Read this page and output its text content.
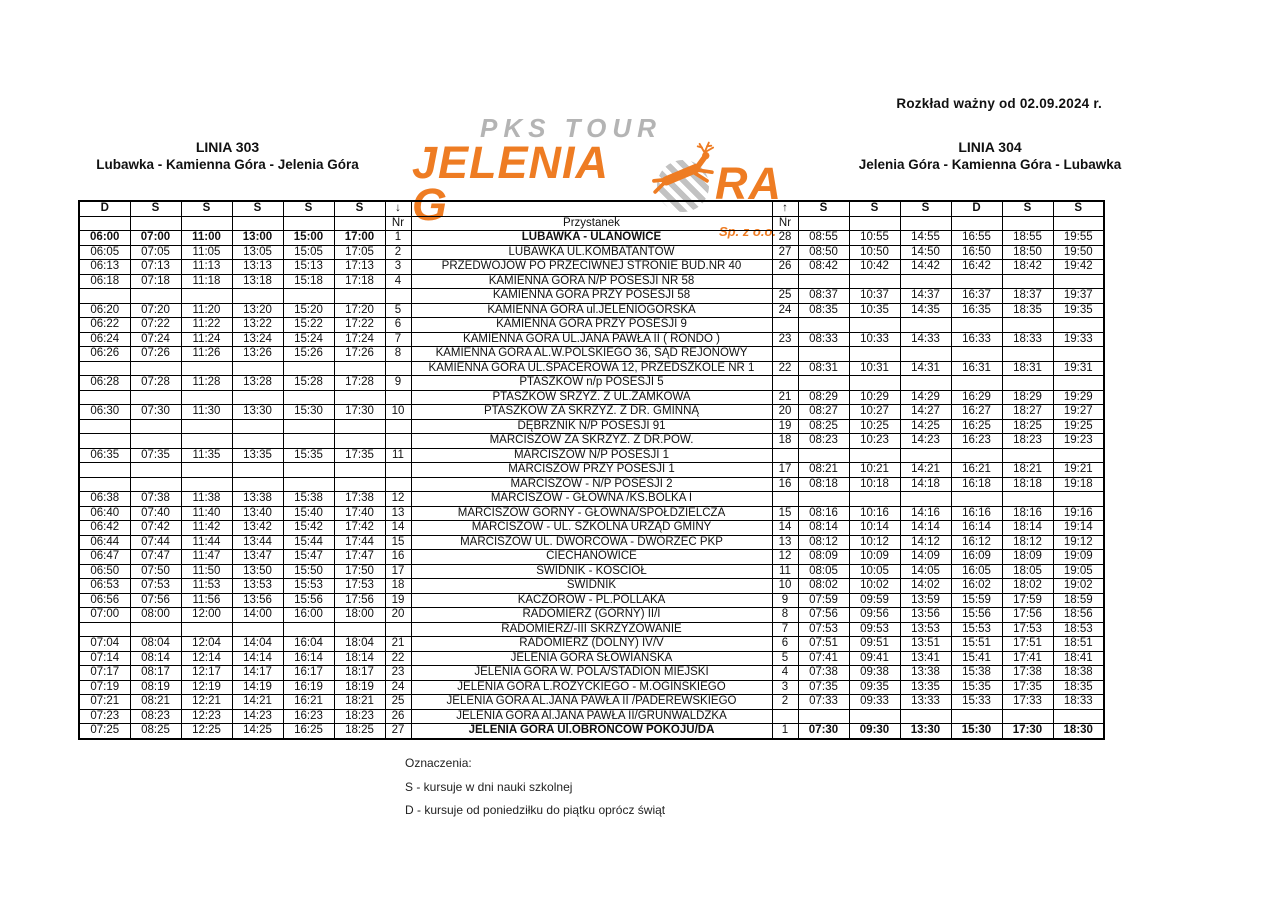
Rozkład ważny od 02.09.2024 r.
LINIA 303
Lubawka - Kamienna Góra - Jelenia Góra
PKS TOUR
JELENIA G	RA
Sp. z o.o.
LINIA 304
Jelenia Góra - Kamienna Góra - Lubawka
D	S	S	S	S	S	↓		↑	S	S	S	D	S	S
						Nr	Przystanek	Nr						
06:00	07:00	11:00	13:00	15:00	17:00	1	LUBAWKA - ULANOWICE	28	08:55	10:55	14:55	16:55	18:55	19:55
06:05	07:05	11:05	13:05	15:05	17:05	2	LUBAWKA UL.KOMBATANTÓW	27	08:50	10:50	14:50	16:50	18:50	19:50
06:13	07:13	11:13	13:13	15:13	17:13	3	PRZEDWOJÓW PO PRZECIWNEJ STRONIE BUD.NR 40	26	08:42	10:42	14:42	16:42	18:42	19:42
06:18	07:18	11:18	13:18	15:18	17:18	4	KAMIENNA GÓRA N/P POSESJI NR 58							
							KAMIENNA GÓRA PRZY POSESJI 58	25	08:37	10:37	14:37	16:37	18:37	19:37
06:20	07:20	11:20	13:20	15:20	17:20	5	KAMIENNA GÓRA ul.JELENIOGÓRSKA	24	08:35	10:35	14:35	16:35	18:35	19:35
06:22	07:22	11:22	13:22	15:22	17:22	6	KAMIENNA GÓRA PRZY POSESJI 9							
06:24	07:24	11:24	13:24	15:24	17:24	7	KAMIENNA GÓRA UL.JANA PAWŁA II ( RONDO )	23	08:33	10:33	14:33	16:33	18:33	19:33
06:26	07:26	11:26	13:26	15:26	17:26	8	KAMIENNA GÓRA AL.W.POLSKIEGO 36, SĄD REJONOWY							
							KAMIENNA GÓRA UL.SPACEROWA 12, PRZEDSZKOLE NR 1	22	08:31	10:31	14:31	16:31	18:31	19:31
06:28	07:28	11:28	13:28	15:28	17:28	9	PTASZKÓW n/p POSESJI 5							
							PTASZKÓW SRZYŻ. Z UL.ZAMKOWA	21	08:29	10:29	14:29	16:29	18:29	19:29
06:30	07:30	11:30	13:30	15:30	17:30	10	PTASZKÓW ZA SKRZYŻ. Z DR. GMINNĄ	20	08:27	10:27	14:27	16:27	18:27	19:27
							DĘBRZNIK N/P POSESJI 91	19	08:25	10:25	14:25	16:25	18:25	19:25
							MARCISZÓW ZA SKRZYŻ. Z DR.POW.	18	08:23	10:23	14:23	16:23	18:23	19:23
06:35	07:35	11:35	13:35	15:35	17:35	11	MARCISZÓW N/P POSESJI 1							
							MARCISZÓW PRZY POSESJI 1	17	08:21	10:21	14:21	16:21	18:21	19:21
							MARCISZÓW - N/P POSESJI 2	16	08:18	10:18	14:18	16:18	18:18	19:18
06:38	07:38	11:38	13:38	15:38	17:38	12	MARCISZÓW - GŁÓWNA /KS.BOLKA I							
06:40	07:40	11:40	13:40	15:40	17:40	13	MARCISZÓW GÓRNY - GŁÓWNA/SPÓŁDZIELCZA	15	08:16	10:16	14:16	16:16	18:16	19:16
06:42	07:42	11:42	13:42	15:42	17:42	14	MARCISZÓW - UL. SZKOLNA URZĄD GMINY	14	08:14	10:14	14:14	16:14	18:14	19:14
06:44	07:44	11:44	13:44	15:44	17:44	15	MARCISZÓW UL. DWORCOWA - DWORZEC PKP	13	08:12	10:12	14:12	16:12	18:12	19:12
06:47	07:47	11:47	13:47	15:47	17:47	16	CIECHANOWICE	12	08:09	10:09	14:09	16:09	18:09	19:09
06:50	07:50	11:50	13:50	15:50	17:50	17	ŚWIDNIK - KOŚCIÓŁ	11	08:05	10:05	14:05	16:05	18:05	19:05
06:53	07:53	11:53	13:53	15:53	17:53	18	ŚWIDNIK	10	08:02	10:02	14:02	16:02	18:02	19:02
06:56	07:56	11:56	13:56	15:56	17:56	19	KACZORÓW - PL.POLLAKA	9	07:59	09:59	13:59	15:59	17:59	18:59
07:00	08:00	12:00	14:00	16:00	18:00	20	RADOMIERZ (GÓRNY) II/I	8	07:56	09:56	13:56	15:56	17:56	18:56
							RADOMIERZ/-III SKRZYŻOWANIE	7	07:53	09:53	13:53	15:53	17:53	18:53
07:04	08:04	12:04	14:04	16:04	18:04	21	RADOMIERZ (DOLNY) IV/V	6	07:51	09:51	13:51	15:51	17:51	18:51
07:14	08:14	12:14	14:14	16:14	18:14	22	JELENIA GÓRA SŁOWIAŃSKA	5	07:41	09:41	13:41	15:41	17:41	18:41
07:17	08:17	12:17	14:17	16:17	18:17	23	JELENIA GÓRA W. POLA/STADION MIEJSKI	4	07:38	09:38	13:38	15:38	17:38	18:38
07:19	08:19	12:19	14:19	16:19	18:19	24	JELENIA GÓRA L.RÓŻYCKIEGO - M.OGIŃSKIEGO	3	07:35	09:35	13:35	15:35	17:35	18:35
07:21	08:21	12:21	14:21	16:21	18:21	25	JELENIA GÓRA AL.JANA PAWŁA II /PADEREWSKIEGO	2	07:33	09:33	13:33	15:33	17:33	18:33
07:23	08:23	12:23	14:23	16:23	18:23	26	JELENIA GÓRA Al.JANA PAWŁA II/GRUNWALDZKA							
07:25	08:25	12:25	14:25	16:25	18:25	27	JELENIA GÓRA Ul.OBROŃCÓW POKOJU/DA	1	07:30	09:30	13:30	15:30	17:30	18:30
Oznaczenia:
S - kursuje w dni nauki szkolnej
D - kursuje od poniedziłku do piątku oprócz świąt
